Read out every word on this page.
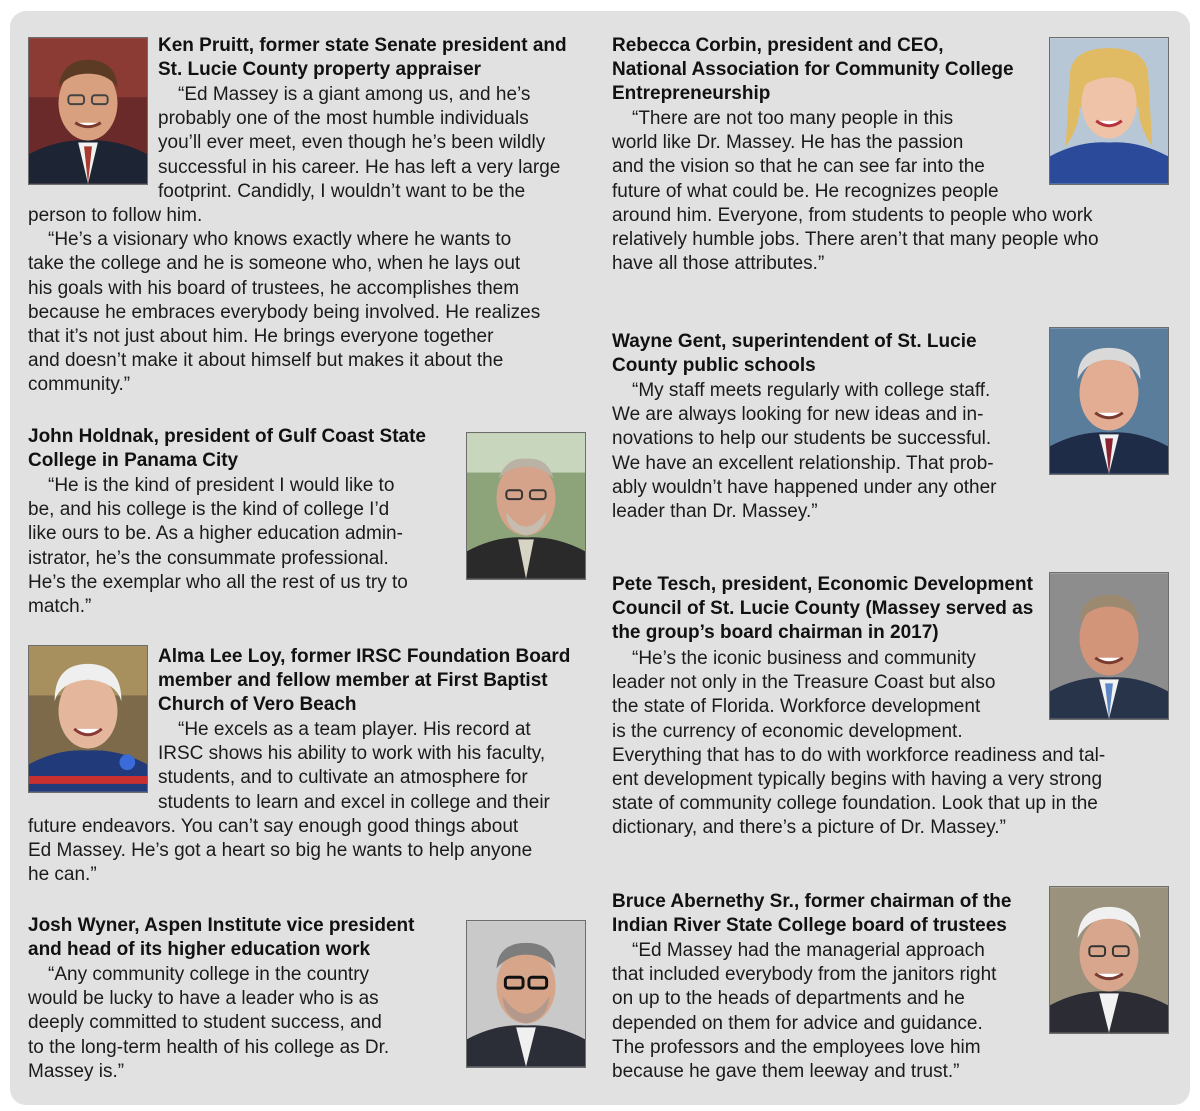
Ken Pruitt, former state Senate president and
St. Lucie County property appraiser
“Ed Massey is a giant among us, and he’s
probably one of the most humble individuals
you’ll ever meet, even though he’s been wildly
successful in his career. He has left a very large
footprint. Candidly, I wouldn’t want to be the
person to follow him.
“He’s a visionary who knows exactly where he wants to
take the college and he is someone who, when he lays out
his goals with his board of trustees, he accomplishes them
because he embraces everybody being involved. He realizes
that it’s not just about him. He brings everyone together
and doesn’t make it about himself but makes it about the
community.”
John Holdnak, president of Gulf Coast State
College in Panama City
“He is the kind of president I would like to
be, and his college is the kind of college I’d
like ours to be. As a higher education admin-
istrator, he’s the consummate professional.
He’s the exemplar who all the rest of us try to
match.”
Alma Lee Loy, former IRSC Foundation Board
member and fellow member at First Baptist
Church of Vero Beach
“He excels as a team player. His record at
IRSC shows his ability to work with his faculty,
students, and to cultivate an atmosphere for
students to learn and excel in college and their
future endeavors. You can’t say enough good things about
Ed Massey. He’s got a heart so big he wants to help anyone
he can.”
Josh Wyner, Aspen Institute vice president
and head of its higher education work
“Any community college in the country
would be lucky to have a leader who is as
deeply committed to student success, and
to the long-term health of his college as Dr.
Massey is.”
Rebecca Corbin, president and CEO,
National Association for Community College
Entrepreneurship
“There are not too many people in this
world like Dr. Massey. He has the passion
and the vision so that he can see far into the
future of what could be. He recognizes people
around him. Everyone, from students to people who work
relatively humble jobs. There aren’t that many people who
have all those attributes.”
Wayne Gent, superintendent of St. Lucie
County public schools
“My staff meets regularly with college staff.
We are always looking for new ideas and in-
novations to help our students be successful.
We have an excellent relationship. That prob-
ably wouldn’t have happened under any other
leader than Dr. Massey.”
Pete Tesch, president, Economic Development
Council of St. Lucie County (Massey served as
the group’s board chairman in 2017)
“He’s the iconic business and community
leader not only in the Treasure Coast but also
the state of Florida. Workforce development
is the currency of economic development.
Everything that has to do with workforce readiness and tal-
ent development typically begins with having a very strong
state of community college foundation. Look that up in the
dictionary, and there’s a picture of Dr. Massey.”
Bruce Abernethy Sr., former chairman of the
Indian River State College board of trustees
“Ed Massey had the managerial approach
that included everybody from the janitors right
on up to the heads of departments and he
depended on them for advice and guidance.
The professors and the employees love him
because he gave them leeway and trust.”
